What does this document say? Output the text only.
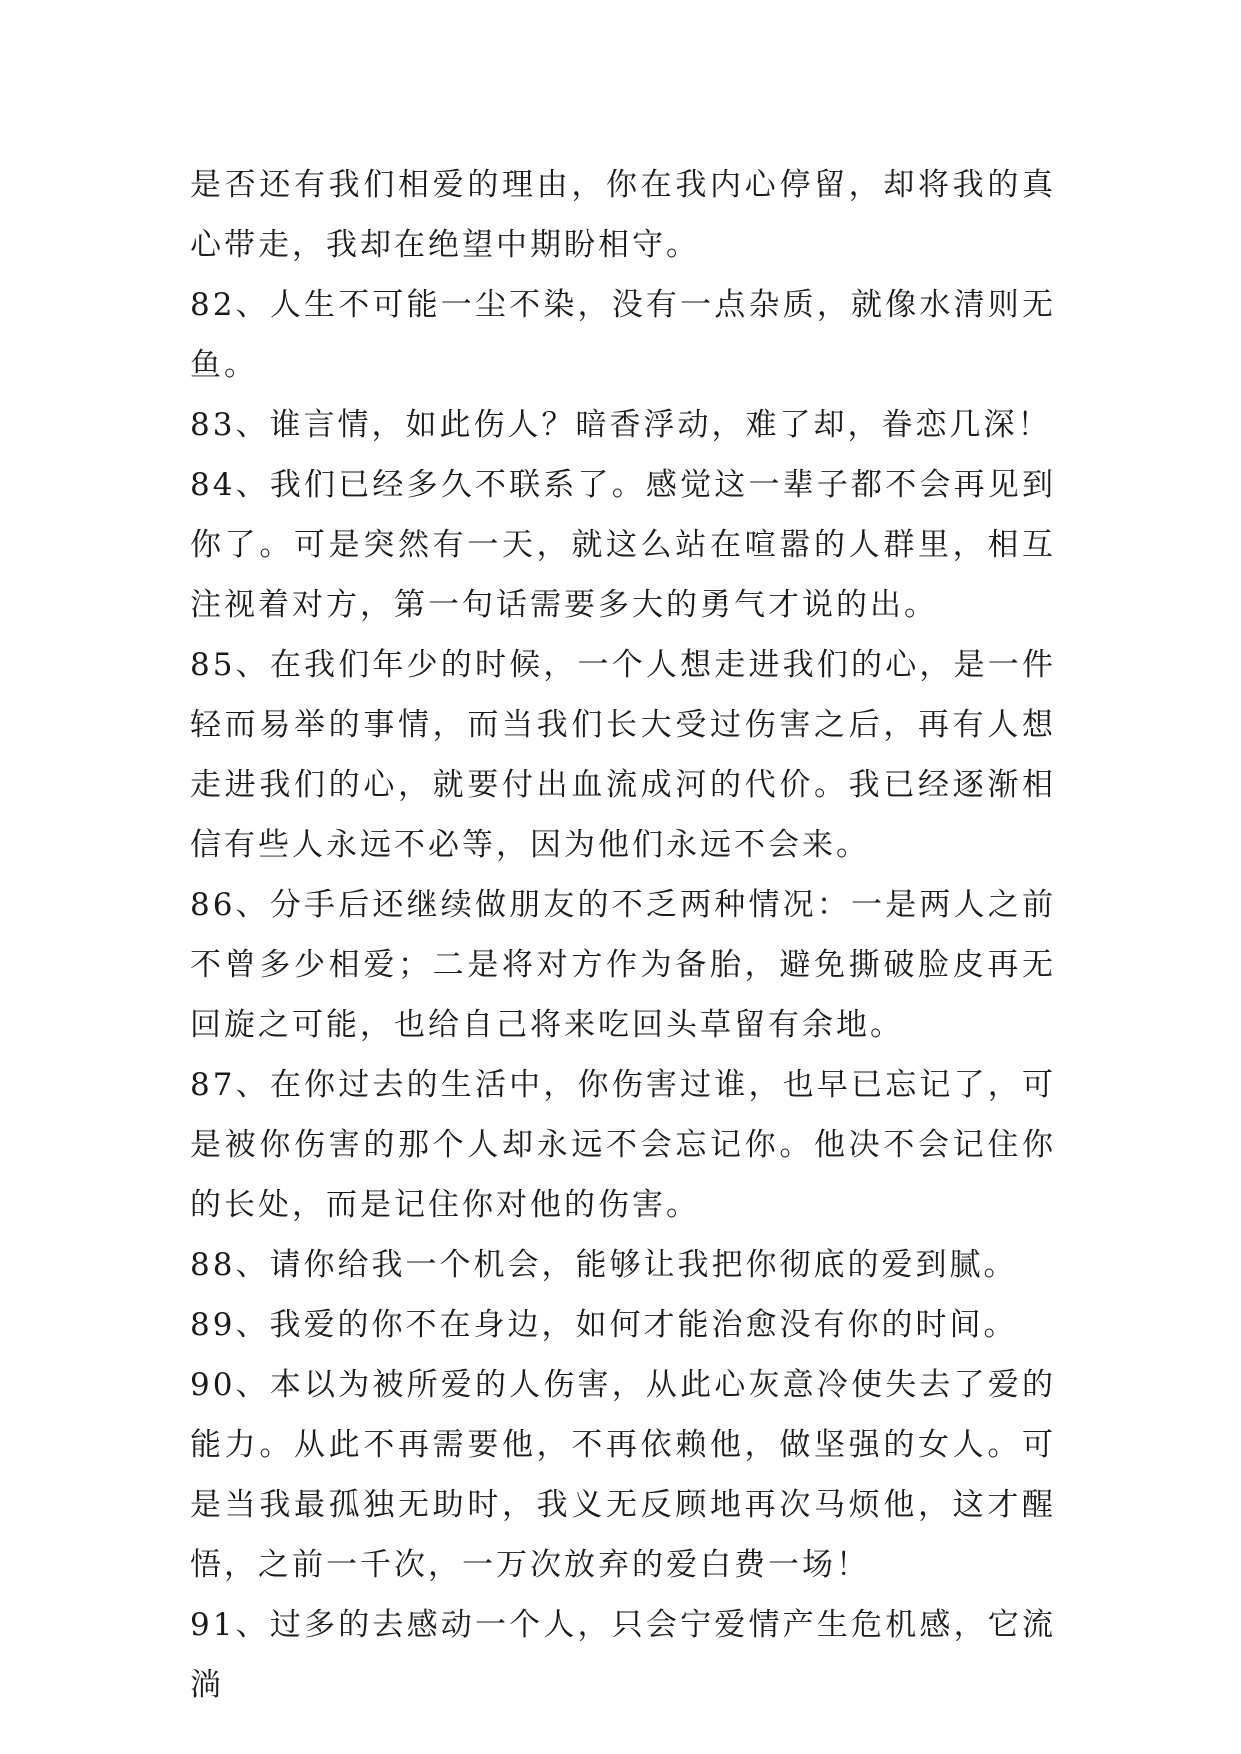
是否还有我们相爱的理由，你在我内心停留，却将我的真心带走，我却在绝望中期盼相守。

82、人生不可能一尘不染，没有一点杂质，就像水清则无鱼。

83、谁言情，如此伤人？暗香浮动，难了却，眷恋几深！

84、我们已经多久不联系了。感觉这一辈子都不会再见到你了。可是突然有一天，就这么站在喧嚣的人群里，相互注视着对方，第一句话需要多大的勇气才说的出。

85、在我们年少的时候，一个人想走进我们的心，是一件轻而易举的事情，而当我们长大受过伤害之后，再有人想走进我们的心，就要付出血流成河的代价。我已经逐渐相信有些人永远不必等，因为他们永远不会来。

86、分手后还继续做朋友的不乏两种情况：一是两人之前不曾多少相爱；二是将对方作为备胎，避免撕破脸皮再无回旋之可能，也给自己将来吃回头草留有余地。

87、在你过去的生活中，你伤害过谁，也早已忘记了，可是被你伤害的那个人却永远不会忘记你。他决不会记住你的长处，而是记住你对他的伤害。

88、请你给我一个机会，能够让我把你彻底的爱到腻。

89、我爱的你不在身边，如何才能治愈没有你的时间。

90、本以为被所爱的人伤害，从此心灰意冷使失去了爱的能力。从此不再需要他，不再依赖他，做坚强的女人。可是当我最孤独无助时，我义无反顾地再次马烦他，这才醒悟，之前一千次，一万次放弃的爱白费一场！

91、过多的去感动一个人，只会宁爱情产生危机感，它流淌
